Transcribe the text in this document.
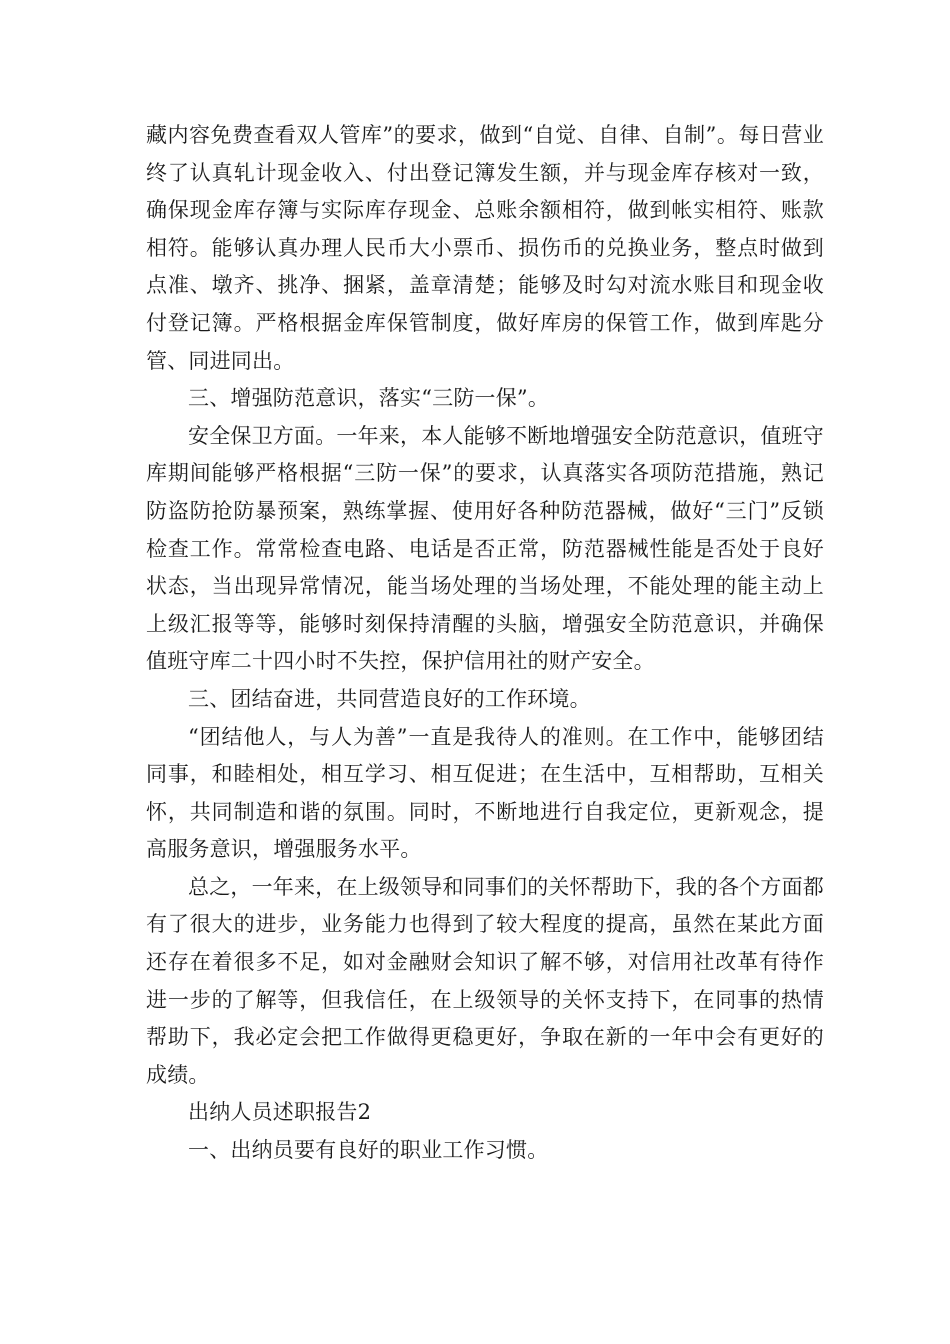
藏内容免费查看双人管库”的要求，做到“自觉、自律、自制”。每日营业终了认真轧计现金收入、付出登记簿发生额，并与现金库存核对一致，确保现金库存簿与实际库存现金、总账余额相符，做到帐实相符、账款相符。能够认真办理人民币大小票币、损伤币的兑换业务，整点时做到点准、墩齐、挑净、捆紧，盖章清楚；能够及时勾对流水账目和现金收付登记簿。严格根据金库保管制度，做好库房的保管工作，做到库匙分管、同进同出。

三、增强防范意识，落实“三防一保”。

安全保卫方面。一年来，本人能够不断地增强安全防范意识，值班守库期间能够严格根据“三防一保”的要求，认真落实各项防范措施，熟记防盗防抢防暴预案，熟练掌握、使用好各种防范器械，做好“三门”反锁检查工作。常常检查电路、电话是否正常，防范器械性能是否处于良好状态，当出现异常情况，能当场处理的当场处理，不能处理的能主动上上级汇报等等，能够时刻保持清醒的头脑，增强安全防范意识，并确保值班守库二十四小时不失控，保护信用社的财产安全。

三、团结奋进，共同营造良好的工作环境。

“团结他人，与人为善”一直是我待人的准则。在工作中，能够团结同事，和睦相处，相互学习、相互促进；在生活中，互相帮助，互相关怀，共同制造和谐的氛围。同时，不断地进行自我定位，更新观念，提高服务意识，增强服务水平。

总之，一年来，在上级领导和同事们的关怀帮助下，我的各个方面都有了很大的进步，业务能力也得到了较大程度的提高，虽然在某此方面还存在着很多不足，如对金融财会知识了解不够，对信用社改革有待作进一步的了解等，但我信任，在上级领导的关怀支持下，在同事的热情帮助下，我必定会把工作做得更稳更好，争取在新的一年中会有更好的成绩。

出纳人员述职报告2

一、出纳员要有良好的职业工作习惯。
